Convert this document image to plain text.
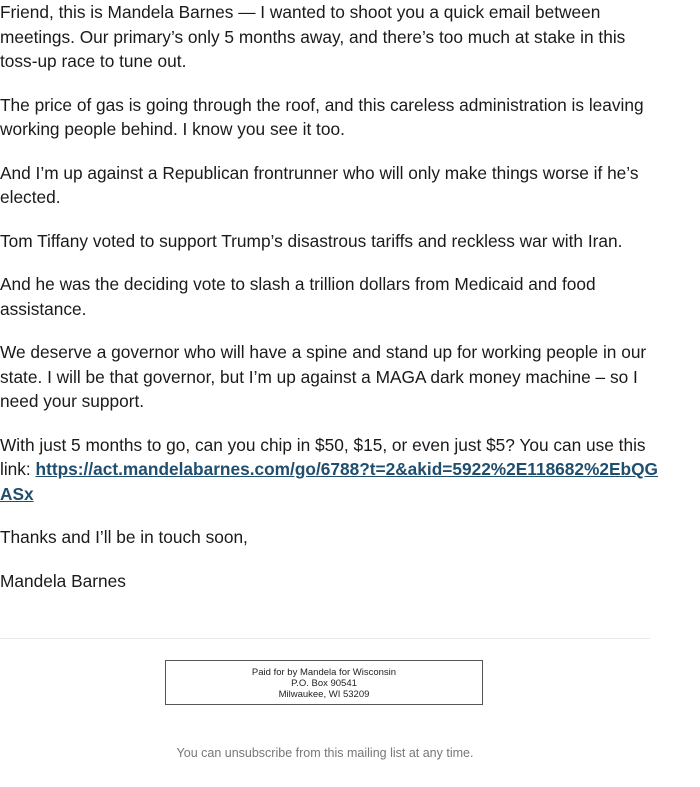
Friend, this is Mandela Barnes — I wanted to shoot you a quick email between meetings. Our primary’s only 5 months away, and there’s too much at stake in this toss-up race to tune out.

The price of gas is going through the roof, and this careless administration is leaving working people behind. I know you see it too.

And I’m up against a Republican frontrunner who will only make things worse if he’s elected.

Tom Tiffany voted to support Trump’s disastrous tariffs and reckless war with Iran.

And he was the deciding vote to slash a trillion dollars from Medicaid and food assistance.

We deserve a governor who will have a spine and stand up for working people in our state. I will be that governor, but I’m up against a MAGA dark money machine – so I need your support.

With just 5 months to go, can you chip in $50, $15, or even just $5? You can use this link: https://act.mandelabarnes.com/go/6788?t=2&akid=5922%2E118682%2EbQGASx

Thanks and I’ll be in touch soon,

Mandela Barnes

Paid for by Mandela for Wisconsin
P.O. Box 90541
Milwaukee, WI 53209
You can unsubscribe from this mailing list at any time.
